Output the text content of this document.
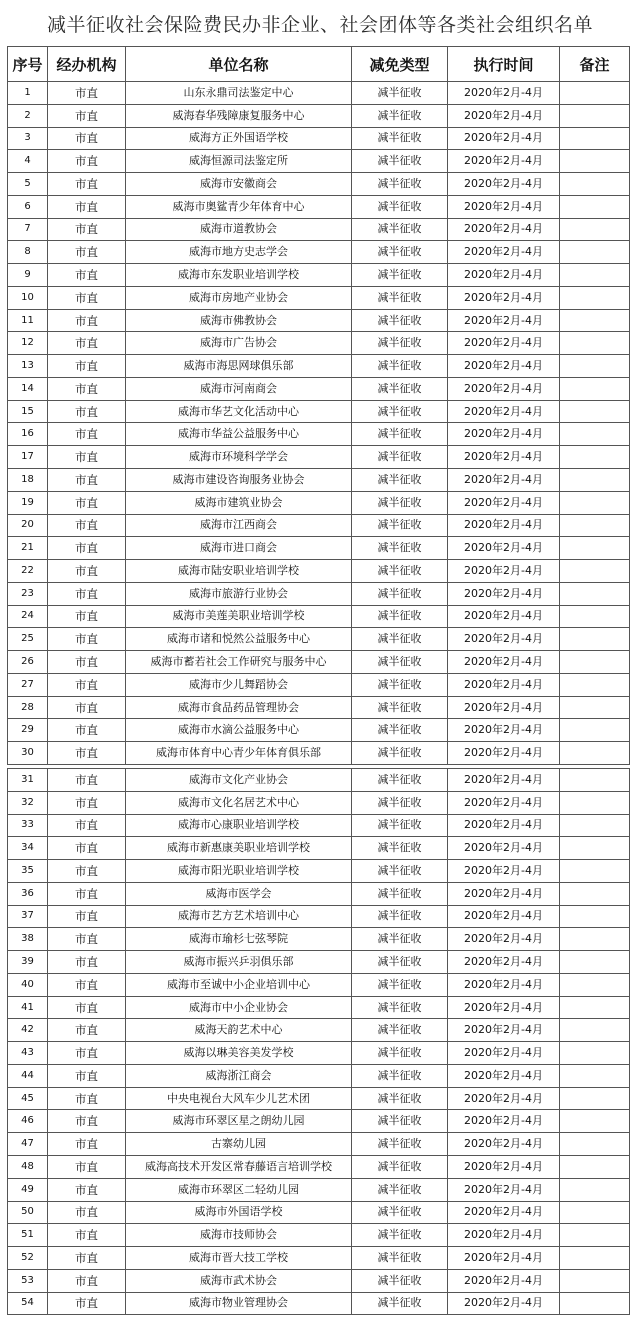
减半征收社会保险费民办非企业、社会团体等各类社会组织名单
序号	经办机构	单位名称	减免类型	执行时间	备注
1	市直	山东永鼎司法鉴定中心	减半征收	2020年2月-4月	
2	市直	威海春华残障康复服务中心	减半征收	2020年2月-4月	
3	市直	威海方正外国语学校	减半征收	2020年2月-4月	
4	市直	威海恒源司法鉴定所	减半征收	2020年2月-4月	
5	市直	威海市安徽商会	减半征收	2020年2月-4月	
6	市直	威海市奥鲨青少年体育中心	减半征收	2020年2月-4月	
7	市直	威海市道教协会	减半征收	2020年2月-4月	
8	市直	威海市地方史志学会	减半征收	2020年2月-4月	
9	市直	威海市东发职业培训学校	减半征收	2020年2月-4月	
10	市直	威海市房地产业协会	减半征收	2020年2月-4月	
11	市直	威海市佛教协会	减半征收	2020年2月-4月	
12	市直	威海市广告协会	减半征收	2020年2月-4月	
13	市直	威海市海思网球俱乐部	减半征收	2020年2月-4月	
14	市直	威海市河南商会	减半征收	2020年2月-4月	
15	市直	威海市华艺文化活动中心	减半征收	2020年2月-4月	
16	市直	威海市华益公益服务中心	减半征收	2020年2月-4月	
17	市直	威海市环境科学学会	减半征收	2020年2月-4月	
18	市直	威海市建设咨询服务业协会	减半征收	2020年2月-4月	
19	市直	威海市建筑业协会	减半征收	2020年2月-4月	
20	市直	威海市江西商会	减半征收	2020年2月-4月	
21	市直	威海市进口商会	减半征收	2020年2月-4月	
22	市直	威海市陆安职业培训学校	减半征收	2020年2月-4月	
23	市直	威海市旅游行业协会	减半征收	2020年2月-4月	
24	市直	威海市美莲美职业培训学校	减半征收	2020年2月-4月	
25	市直	威海市诸和悦然公益服务中心	减半征收	2020年2月-4月	
26	市直	威海市蓄若社会工作研究与服务中心	减半征收	2020年2月-4月	
27	市直	威海市少儿舞蹈协会	减半征收	2020年2月-4月	
28	市直	威海市食品药品管理协会	减半征收	2020年2月-4月	
29	市直	威海市水滴公益服务中心	减半征收	2020年2月-4月	
30	市直	威海市体育中心青少年体育俱乐部	减半征收	2020年2月-4月	
31	市直	威海市文化产业协会	减半征收	2020年2月-4月	
32	市直	威海市文化名居艺术中心	减半征收	2020年2月-4月	
33	市直	威海市心康职业培训学校	减半征收	2020年2月-4月	
34	市直	威海市新惠康美职业培训学校	减半征收	2020年2月-4月	
35	市直	威海市阳光职业培训学校	减半征收	2020年2月-4月	
36	市直	威海市医学会	减半征收	2020年2月-4月	
37	市直	威海市艺方艺术培训中心	减半征收	2020年2月-4月	
38	市直	威海市瑜杉七弦琴院	减半征收	2020年2月-4月	
39	市直	威海市振兴乒羽俱乐部	减半征收	2020年2月-4月	
40	市直	威海市至诚中小企业培训中心	减半征收	2020年2月-4月	
41	市直	威海市中小企业协会	减半征收	2020年2月-4月	
42	市直	威海天韵艺术中心	减半征收	2020年2月-4月	
43	市直	威海以琳美容美发学校	减半征收	2020年2月-4月	
44	市直	威海浙江商会	减半征收	2020年2月-4月	
45	市直	中央电视台大风车少儿艺术团	减半征收	2020年2月-4月	
46	市直	威海市环翠区星之朗幼儿园	减半征收	2020年2月-4月	
47	市直	古寨幼儿园	减半征收	2020年2月-4月	
48	市直	威海高技术开发区常春藤语言培训学校	减半征收	2020年2月-4月	
49	市直	威海市环翠区二轻幼儿园	减半征收	2020年2月-4月	
50	市直	威海市外国语学校	减半征收	2020年2月-4月	
51	市直	威海市技师协会	减半征收	2020年2月-4月	
52	市直	威海市晋大技工学校	减半征收	2020年2月-4月	
53	市直	威海市武术协会	减半征收	2020年2月-4月	
54	市直	威海市物业管理协会	减半征收	2020年2月-4月	
